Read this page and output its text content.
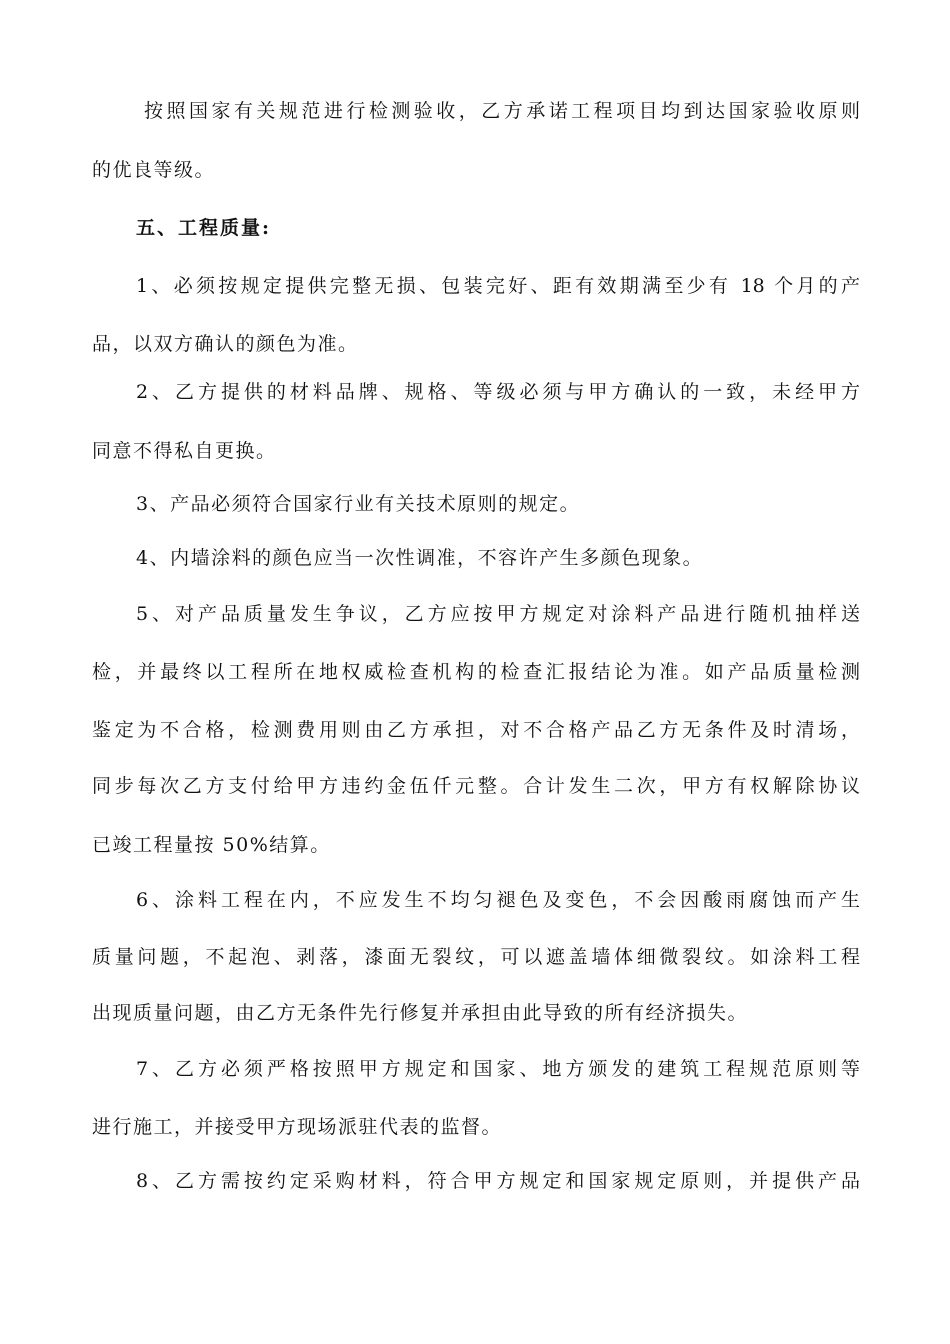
按照国家有关规范进行检测验收，乙方承诺工程项目均到达国家验收原则
的优良等级。
五、工程质量:
1、必须按规定提供完整无损、包装完好、距有效期满至少有 18 个月的产
品，以双方确认的颜色为准。
2、乙方提供的材料品牌、规格、等级必须与甲方确认的一致，未经甲方
同意不得私自更换。
3、产品必须符合国家行业有关技术原则的规定。
4、内墙涂料的颜色应当一次性调准，不容许产生多颜色现象。
5、对产品质量发生争议，乙方应按甲方规定对涂料产品进行随机抽样送
检，并最终以工程所在地权威检查机构的检查汇报结论为准。如产品质量检测
鉴定为不合格，检测费用则由乙方承担，对不合格产品乙方无条件及时清场，
同步每次乙方支付给甲方违约金伍仟元整。合计发生二次，甲方有权解除协议
已竣工程量按 50%结算。
6、涂料工程在内，不应发生不均匀褪色及变色，不会因酸雨腐蚀而产生
质量问题，不起泡、剥落，漆面无裂纹，可以遮盖墙体细微裂纹。如涂料工程
出现质量问题，由乙方无条件先行修复并承担由此导致的所有经济损失。
7、乙方必须严格按照甲方规定和国家、地方颁发的建筑工程规范原则等
进行施工，并接受甲方现场派驻代表的监督。
8、乙方需按约定采购材料，符合甲方规定和国家规定原则，并提供产品
